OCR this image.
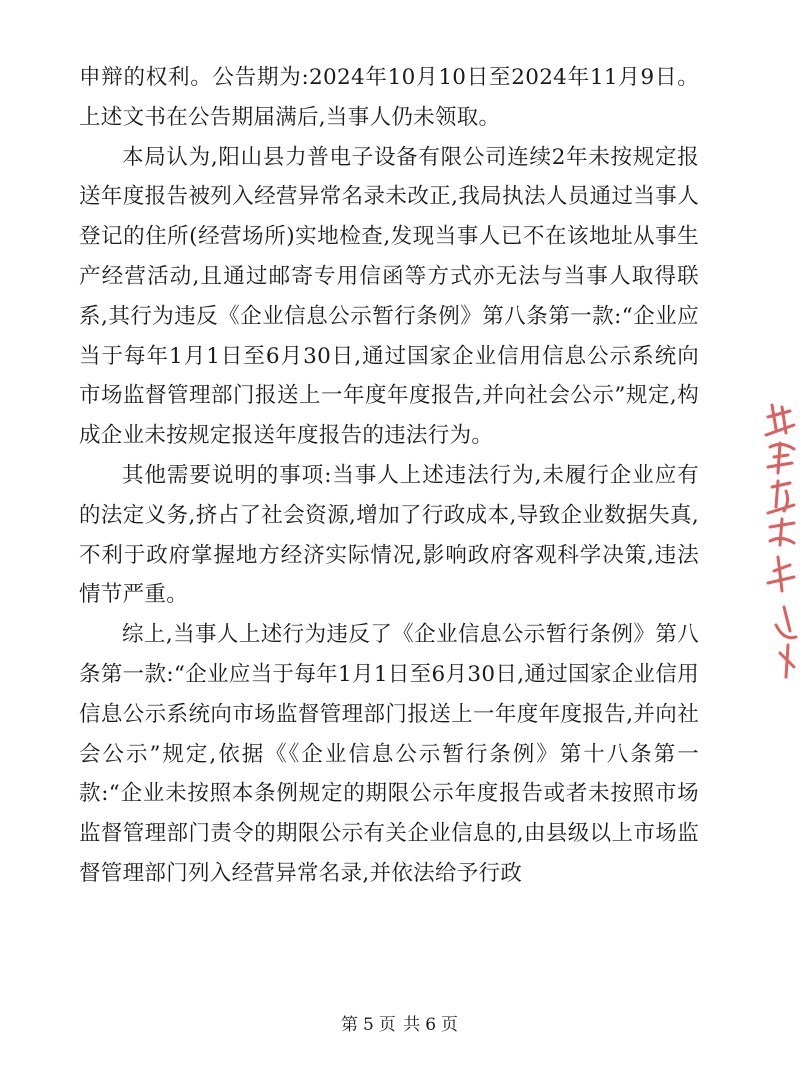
申辩的权利。公告期为:2024年10月10日至2024年11月9日。上述文书在公告期届满后,当事人仍未领取。

本局认为,阳山县力普电子设备有限公司连续2年未按规定报送年度报告被列入经营异常名录未改正,我局执法人员通过当事人登记的住所(经营场所)实地检查,发现当事人已不在该地址从事生产经营活动,且通过邮寄专用信函等方式亦无法与当事人取得联系,其行为违反《企业信息公示暂行条例》第八条第一款:“企业应当于每年1月1日至6月30日,通过国家企业信用信息公示系统向市场监督管理部门报送上一年度年度报告,并向社会公示”规定,构成企业未按规定报送年度报告的违法行为。

其他需要说明的事项:当事人上述违法行为,未履行企业应有的法定义务,挤占了社会资源,增加了行政成本,导致企业数据失真,不利于政府掌握地方经济实际情况,影响政府客观科学决策,违法情节严重。

综上,当事人上述行为违反了《企业信息公示暂行条例》第八条第一款:“企业应当于每年1月1日至6月30日,通过国家企业信用信息公示系统向市场监督管理部门报送上一年度年度报告,并向社会公示”规定,依据《《企业信息公示暂行条例》第十八条第一款:“企业未按照本条例规定的期限公示年度报告或者未按照市场监督管理部门责令的期限公示有关企业信息的,由县级以上市场监督管理部门列入经营异常名录,并依法给予行政

第 5 页 共 6 页
